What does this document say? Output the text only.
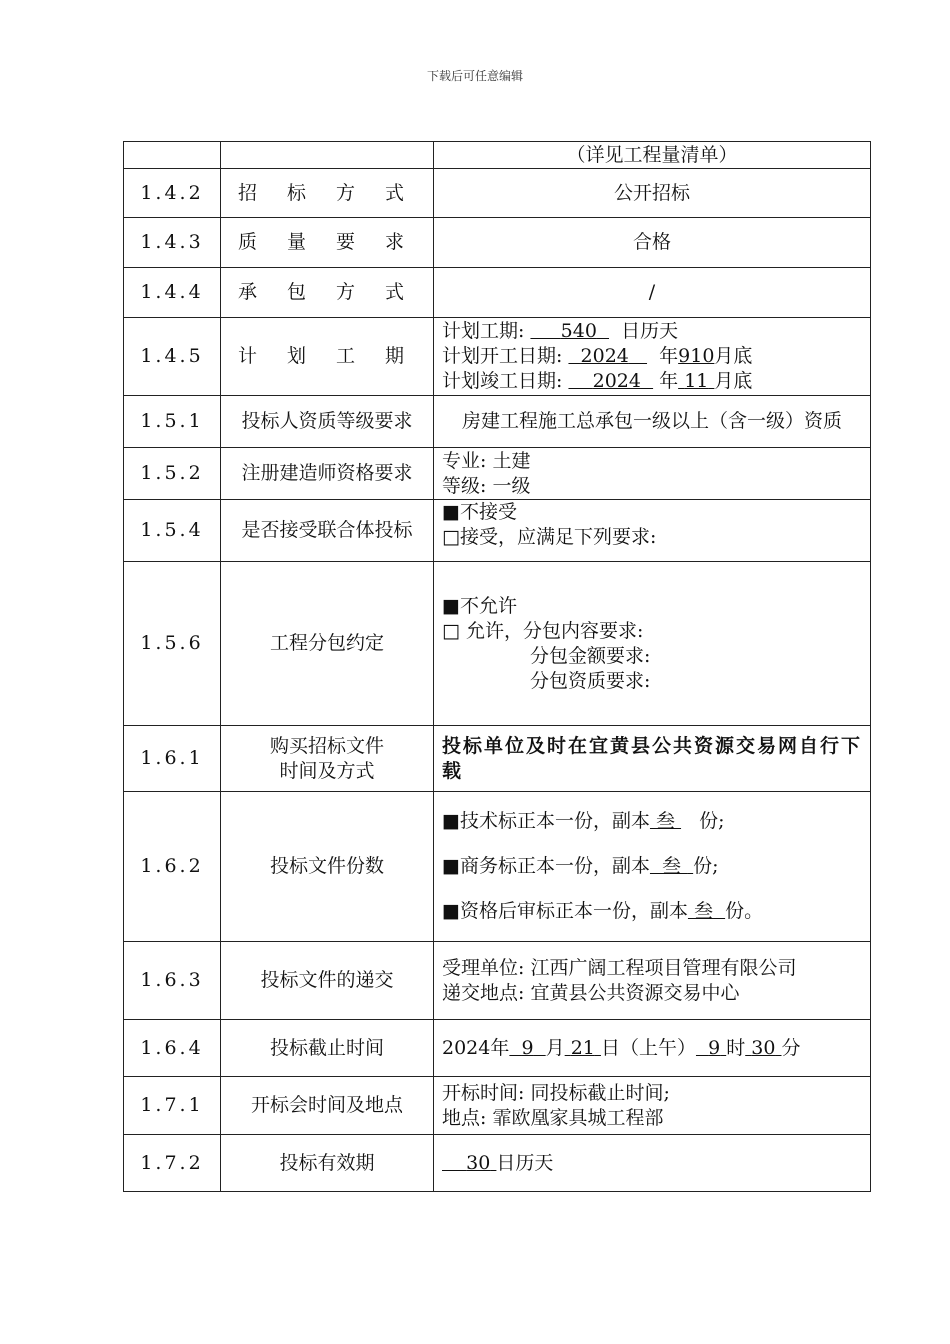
下载后可任意编辑
		（详见工程量清单）
1.4.2	招 标 方 式	公开招标
1.4.3	质 量 要 求	合格
1.4.4	承 包 方 式	/
1.4.5	计 划 工 期	计划工期:      540 日历天
计划开工日期:   2024 年910月底
计划竣工日期:     2024 年 11 月底

1.5.1	投标人资质等级要求	房建工程施工总承包一级以上（含一级）资质
1.5.2	注册建造师资格要求	专业: 土建
等级: 一级

1.5.4	是否接受联合体投标	■不接受
□接受，应满足下列要求:

1.5.6	工程分包约定	■不允许
□ 允许，分包内容要求:
分包金额要求:
分包资质要求:

1.6.1	购买招标文件
时间及方式	投标单位及时在宜黄县公共资源交易网自行下载
1.6.2	投标文件份数	■技术标正本一份，副本 叁    份;
■商务标正本一份，副本  叁  份;
■资格后审标正本一份，副本 叁 份。

1.6.3	投标文件的递交	受理单位: 江西广阔工程项目管理有限公司
递交地点: 宜黄县公共资源交易中心

1.6.4	投标截止时间	2024年 9 月 21 日（上午） 9 时 30 分
1.7.1	开标会时间及地点	开标时间: 同投标截止时间;
地点: 霏欧凰家具城工程部

1.7.2	投标有效期	30 日历天
